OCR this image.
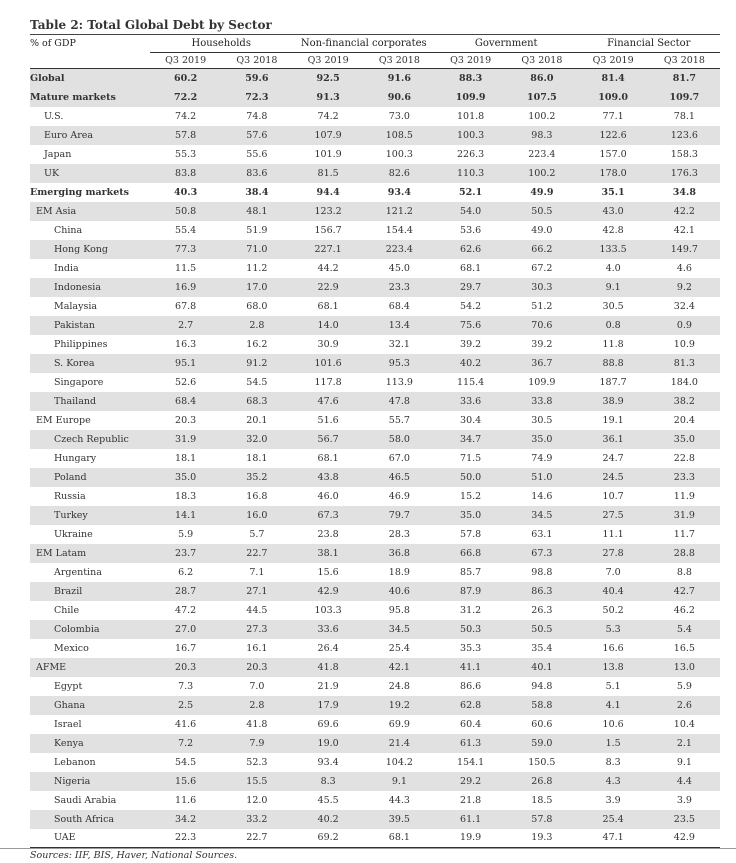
Table 2: Total Global Debt by Sector
% of GDP	Households		Non-financial corporates		Government		Financial Sector	
	Q3 2019	Q3 2018	Q3 2019	Q3 2018	Q3 2019	Q3 2018	Q3 2019	Q3 2018
Global	60.2	59.6	92.5	91.6	88.3	86.0	81.4	81.7
Mature markets	72.2	72.3	91.3	90.6	109.9	107.5	109.0	109.7
U.S.	74.2	74.8	74.2	73.0	101.8	100.2	77.1	78.1
Euro Area	57.8	57.6	107.9	108.5	100.3	98.3	122.6	123.6
Japan	55.3	55.6	101.9	100.3	226.3	223.4	157.0	158.3
UK	83.8	83.6	81.5	82.6	110.3	100.2	178.0	176.3
Emerging markets	40.3	38.4	94.4	93.4	52.1	49.9	35.1	34.8
EM Asia	50.8	48.1	123.2	121.2	54.0	50.5	43.0	42.2
China	55.4	51.9	156.7	154.4	53.6	49.0	42.8	42.1
Hong Kong	77.3	71.0	227.1	223.4	62.6	66.2	133.5	149.7
India	11.5	11.2	44.2	45.0	68.1	67.2	4.0	4.6
Indonesia	16.9	17.0	22.9	23.3	29.7	30.3	9.1	9.2
Malaysia	67.8	68.0	68.1	68.4	54.2	51.2	30.5	32.4
Pakistan	2.7	2.8	14.0	13.4	75.6	70.6	0.8	0.9
Philippines	16.3	16.2	30.9	32.1	39.2	39.2	11.8	10.9
S. Korea	95.1	91.2	101.6	95.3	40.2	36.7	88.8	81.3
Singapore	52.6	54.5	117.8	113.9	115.4	109.9	187.7	184.0
Thailand	68.4	68.3	47.6	47.8	33.6	33.8	38.9	38.2
EM Europe	20.3	20.1	51.6	55.7	30.4	30.5	19.1	20.4
Czech Republic	31.9	32.0	56.7	58.0	34.7	35.0	36.1	35.0
Hungary	18.1	18.1	68.1	67.0	71.5	74.9	24.7	22.8
Poland	35.0	35.2	43.8	46.5	50.0	51.0	24.5	23.3
Russia	18.3	16.8	46.0	46.9	15.2	14.6	10.7	11.9
Turkey	14.1	16.0	67.3	79.7	35.0	34.5	27.5	31.9
Ukraine	5.9	5.7	23.8	28.3	57.8	63.1	11.1	11.7
EM Latam	23.7	22.7	38.1	36.8	66.8	67.3	27.8	28.8
Argentina	6.2	7.1	15.6	18.9	85.7	98.8	7.0	8.8
Brazil	28.7	27.1	42.9	40.6	87.9	86.3	40.4	42.7
Chile	47.2	44.5	103.3	95.8	31.2	26.3	50.2	46.2
Colombia	27.0	27.3	33.6	34.5	50.3	50.5	5.3	5.4
Mexico	16.7	16.1	26.4	25.4	35.3	35.4	16.6	16.5
AFME	20.3	20.3	41.8	42.1	41.1	40.1	13.8	13.0
Egypt	7.3	7.0	21.9	24.8	86.6	94.8	5.1	5.9
Ghana	2.5	2.8	17.9	19.2	62.8	58.8	4.1	2.6
Israel	41.6	41.8	69.6	69.9	60.4	60.6	10.6	10.4
Kenya	7.2	7.9	19.0	21.4	61.3	59.0	1.5	2.1
Lebanon	54.5	52.3	93.4	104.2	154.1	150.5	8.3	9.1
Nigeria	15.6	15.5	8.3	9.1	29.2	26.8	4.3	4.4
Saudi Arabia	11.6	12.0	45.5	44.3	21.8	18.5	3.9	3.9
South Africa	34.2	33.2	40.2	39.5	61.1	57.8	25.4	23.5
UAE	22.3	22.7	69.2	68.1	19.9	19.3	47.1	42.9
Sources: IIF, BIS, Haver, National Sources.
